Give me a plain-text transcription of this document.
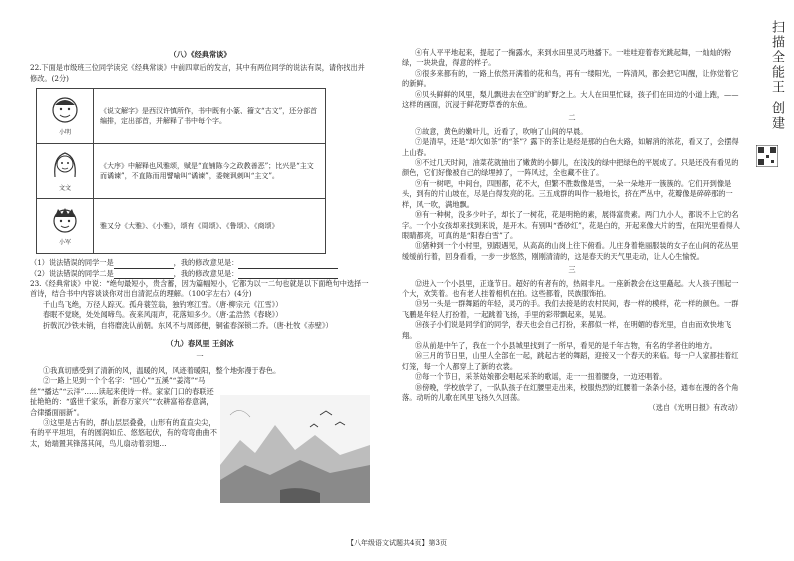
（八）《经典常谈》

22.下面是市级班三位同学读完《经典常谈》中前四章后的发言，其中有两位同学的说法有误，请你找出并修改。(2分)

小明	《说文解字》是西汉许慎所作，书中既有小篆、籀文“古文”，还分部首编排，定出部首，并解释了书中每个字。

文文	《大序》中解释也风雅颂，赋是“直铺陈今之政教善恶”；比兴是“主文而谲谏”，不直陈而用譬喻叫“谲谏”，委婉讽刺叫“主文”。

小军	雅又分《大雅》、《小雅》，颂有《周颂》、《鲁颂》、《商颂》

（1）说法错误的同学一是	，我的修改意见是：

（2）说法错误的同学二是	，我的修改意见是：

23.《经典常谈》中说：“绝句最短小，贵含蓄，因为篇幅短小，它都为以一二句也就是以下面绝句中选择一首诗，结合书中内容谈谈你对出自清泥点的理解。（100字左右）(4分)

千山鸟飞绝，万径人踪灭。孤舟蓑笠翁，独钓寒江雪。（唐·柳宗元《江雪》）

春眠不觉晓，处处闻啼鸟。夜来风雨声，花落知多少。（唐·孟浩然《春晓》）

折戟沉沙铁未销，自将磨洗认前朝。东风不与周郎便，铜雀春深锁二乔。（唐·杜牧《赤壁》）

（九）春风里 王剑冰

一

①我真切感受到了清新的风，温暖的风，风迹着暖阳，整个地弥漫于春色。

②一路上见到一个个名字：“回心”“五溪”“姜湾”“马丝”“播达”“云洋”……读起来使诗一样。家家门口的春联还扯艳艳的：“盛世千家乐，新春万家兴”“农耕富裕春意满，合律播面丽新”。

③这里是古有的，群山层层叠叠，山形有的直直尖尖，有的平平坦坦，有的圆润如丘、悠悠起伏，有的弯弯曲曲不太，始端置其锋荡其间，鸟儿扇动着羽翅…

④有人平平地起来，提起了一掬露水，来到水田里灵巧地播下。一哇哇迎着春光跳起舞，一灿灿的粉绿，一块块盘，得意的样子。

⑤很多来都有的，一路上依然开满着的花和鸟，再有一缕阳光，一阵清风，都会把它叫醒，让你觉着它的新鲜。

⑥贝头鲜鲜的风里，梨儿飘进去在空旷的旷野之上。大人在田里忙碌，孩子们在田边的小道上跑，——这样的画面，沉浸于鲜花野草香的东鱼。

二

⑦故意，黄色的嫩叶儿，近看了，吹响了山间的早晨。

⑦是清早，还是“却欠如茶”的“茶”？露下的茶让是经是那的白色大路，如解消的浓花，看又了，会摆得上山春。

⑧不过几天时间，油菜花就抽出了嫩黄的小脚儿，在浅浅的绿中把绿色的平展成了。只是还没有看见的颜色，它们好像被自己的绿埋掉了，一阵风过，全也藏不住了。

⑨有一树吧，中间台，四围都，花不大，但繁不胜数像是雪，一朵一朵地开一簇簇的。它们开到像是头，到有的片山坡在，尽是白得发亮的花。三五成群的叫作一般地长，挤在严丛中，花瓣像是碎碎那的一样，风一吹，满地飘。

⑩有一种树，没多少叶子，却长了一树花，花是明艳的素，展得富贵素。两门九小人，都说不上它的名字。一个小女孩却来找到来说，是开木。有别叫“香砂红”，花是白的，开起来像大片的雪，在阳光里看得人眼睛都亮，可真的是“阳春白雪”了。

⑪猪种到一个小村里，别跟遇见，从高高的山岗上往下俯看。儿庄身着艳丽服装的女子在山间的花丛里缓缓前行着，回身看看，一步一步悠然，刚刚清清的，这是春天的天气里走动，让人心生愉悦。

三

⑫进入一个小县里，正逢节日。超好的有者有的，热闹非凡。一座新教会在这里矗起。大人孩子围起一个大，欢笑着。也有老人挂着相机在拍。这些都着，民族服饰拍。

⑬另一头是一群舞蹈的年轻，灵巧的手。我们去接是的农村民间，春一样的模样，花一样的颜色。一群飞鹏是年轻人打扮着，一起跳着飞扬，手里的彩带飘起来，晃晃。

⑭孩子小们说是同学们的同学，春天也会自己打扮，来都似一样，在明媚的春光里，自由而欢快地飞翔。

⑮从前是中午了，我在一个小县城里找到了一所早，看见的是千年古物，有名的学者住的地方。

⑯三月的节日里，山里人全部在一起，跳起古老的舞蹈，迎接又一个春天的来临。每一户人家都挂着红灯笼，每一个人都穿上了新的衣裳。

⑰每一个节日，采茶姑娘都会唱起采茶的歌谣，走一一扭着腰身，一边还唱着。

⑱傍晚，学校放学了，一队队孩子在红腰里走出来，校服热烈的红腰着一条条小径，通布在漫的各个角落。动听的儿歌在风里飞扬久久回荡。

（选自《光明日报》有改动）

扫描全能王 创建
【八年级语文试题共4页】第3页
